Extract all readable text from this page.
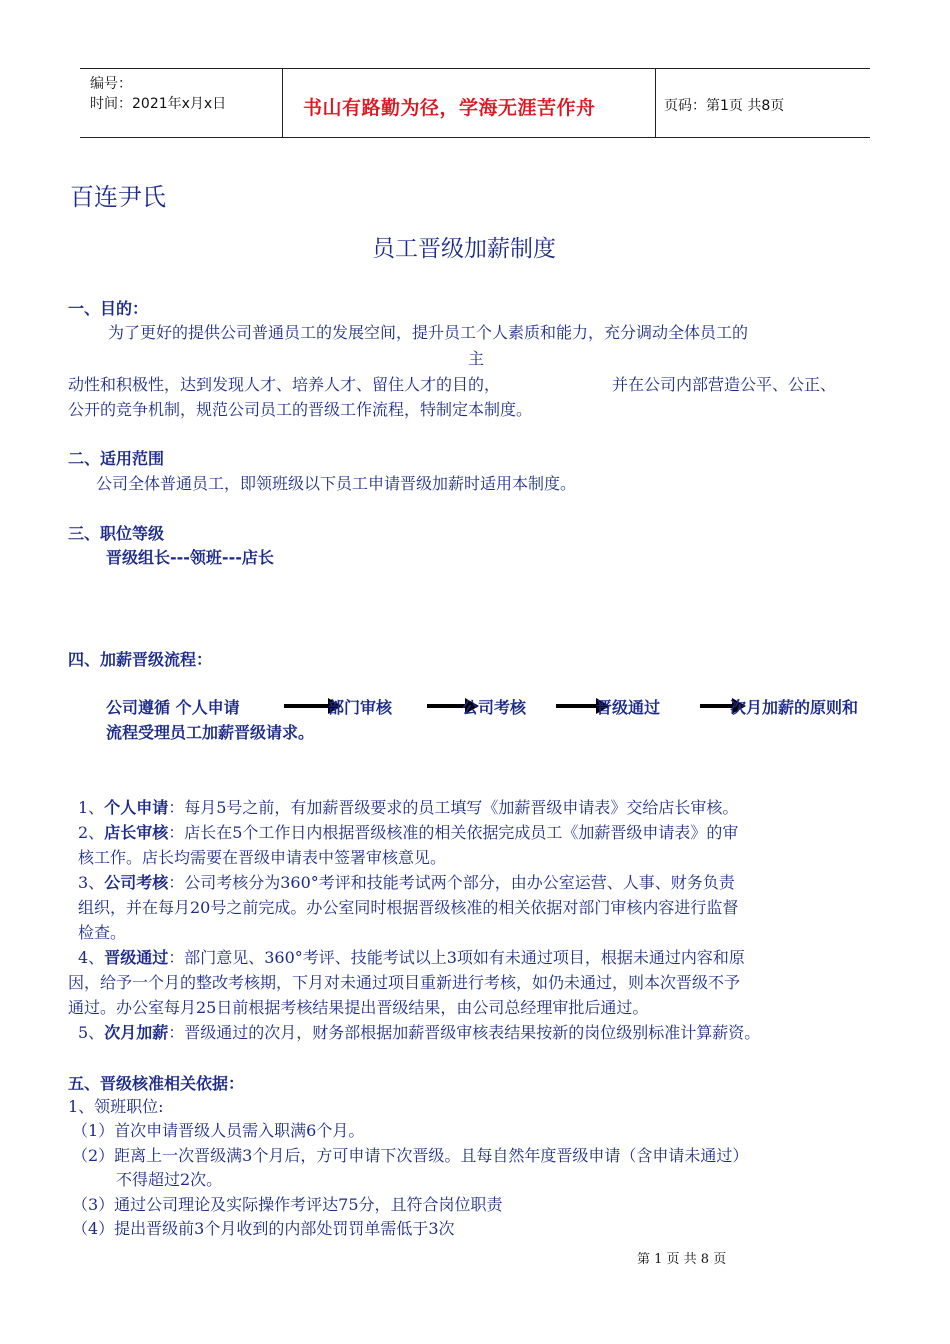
编号：
时间：2021年x月x日	书山有路勤为径，学海无涯苦作舟	页码：第1页 共8页
百连尹氏
员工晋级加薪制度
一、目的：
为了更好的提供公司普通员工的发展空间，提升员工个人素质和能力，充分调动全体员工的
主
动性和积极性，达到发现人才、培养人才、留住人才的目的，	并在公司内部营造公平、公正、
公开的竞争机制，规范公司员工的晋级工作流程，特制定本制度。
二、适用范围
公司全体普通员工，即领班级以下员工申请晋级加薪时适用本制度。
三、职位等级
晋级组长---领班---店长
四、加薪晋级流程：
公司遵循 个人申请	部门审核	公司考核	晋级通过	次月加薪的原则和
流程受理员工加薪晋级请求。
1、个人申请：每月5号之前，有加薪晋级要求的员工填写《加薪晋级申请表》交给店长审核。
2、店长审核：店长在5个工作日内根据晋级核准的相关依据完成员工《加薪晋级申请表》的审
核工作。店长均需要在晋级申请表中签署审核意见。
3、公司考核：公司考核分为360°考评和技能考试两个部分，由办公室运营、人事、财务负责
组织，并在每月20号之前完成。办公室同时根据晋级核准的相关依据对部门审核内容进行监督
检查。
4、晋级通过：部门意见、360°考评、技能考试以上3项如有未通过项目，根据未通过内容和原
因，给予一个月的整改考核期，下月对未通过项目重新进行考核，如仍未通过，则本次晋级不予
通过。办公室每月25日前根据考核结果提出晋级结果，由公司总经理审批后通过。
5、次月加薪：晋级通过的次月，财务部根据加薪晋级审核表结果按新的岗位级别标准计算薪资。
五、晋级核准相关依据：
1、领班职位:
（1）首次申请晋级人员需入职满6个月。
（2）距离上一次晋级满3个月后，方可申请下次晋级。且每自然年度晋级申请（含申请未通过）
不得超过2次。
（3）通过公司理论及实际操作考评达75分，且符合岗位职责
（4）提出晋级前3个月收到的内部处罚罚单需低于3次
第 1 页 共 8 页
